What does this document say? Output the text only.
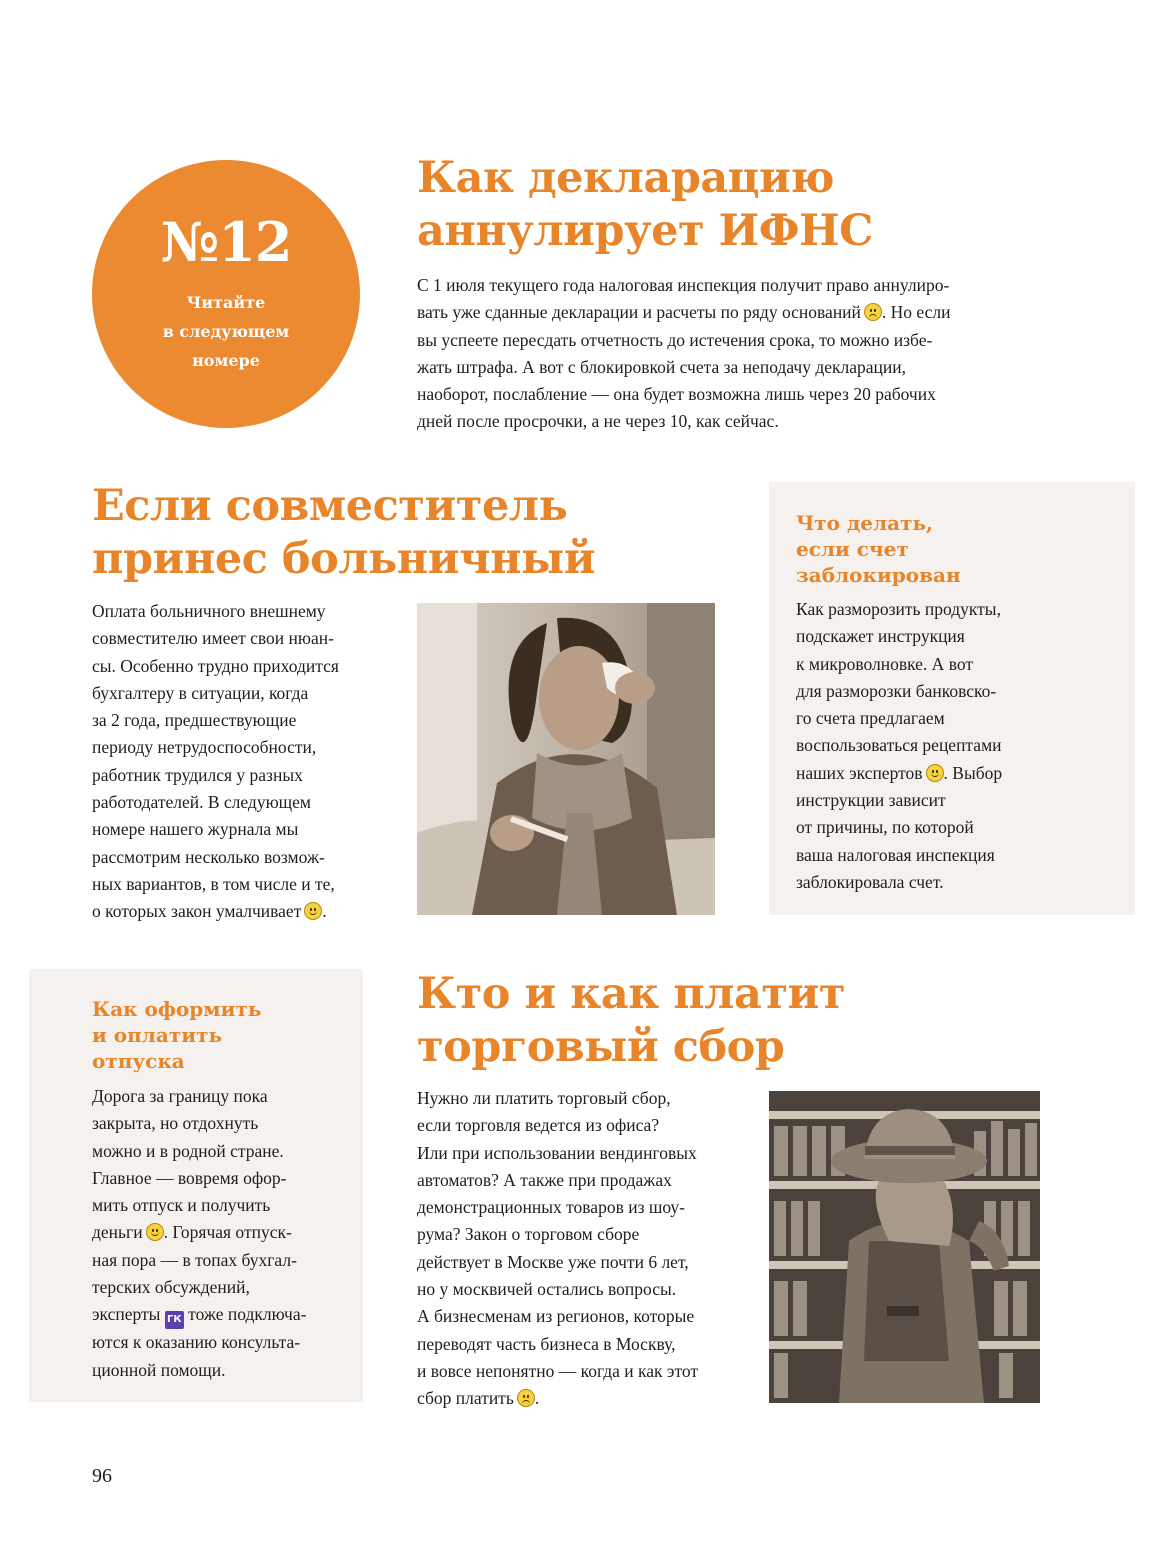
№12
Читайте
в следующем
номере
Как декларацию
аннулирует ИФНС

С 1 июля текущего года налоговая инспекция получит право аннулиро-
вать уже сданные декларации и расчеты по ряду оснований . Но если
вы успеете пересдать отчетность до истечения срока, то можно избе-
жать штрафа. А вот с блокировкой счета за неподачу декларации,
наоборот, послабление — она будет возможна лишь через 20 рабочих
дней после просрочки, а не через 10, как сейчас.

Если совместитель
принес больничный

Оплата больничного внешнему
совместителю имеет свои нюан-
сы. Особенно трудно приходится
бухгалтеру в ситуации, когда
за 2 года, предшествующие
периоду нетрудоспособности,
работник трудился у разных
работодателей. В следующем
номере нашего журнала мы
рассмотрим несколько возмож-
ных вариантов, в том числе и те,
о которых закон умалчивает .

Что делать,
если счет
заблокирован

Как разморозить продукты,
подскажет инструкция
к микроволновке. А вот
для разморозки банковско-
го счета предлагаем
воспользоваться рецептами
наших экспертов . Выбор
инструкции зависит
от причины, по которой
ваша налоговая инспекция
заблокировала счет.

Как оформить
и оплатить
отпуска

Дорога за границу пока
закрыта, но отдохнуть
можно и в родной стране.
Главное — вовремя офор-
мить отпуск и получить
деньги . Горячая отпуск-
ная пора — в топах бухгал-
терских обсуждений,
эксперты ГК тоже подключа-
ются к оказанию консульта-
ционной помощи.

Кто и как платит
торговый сбор

Нужно ли платить торговый сбор,
если торговля ведется из офиса?
Или при использовании вендинговых
автоматов? А также при продажах
демонстрационных товаров из шоу-
рума? Закон о торговом сборе
действует в Москве уже почти 6 лет,
но у москвичей остались вопросы.
А бизнесменам из регионов, которые
переводят часть бизнеса в Москву,
и вовсе непонятно — когда и как этот
сбор платить .

96
